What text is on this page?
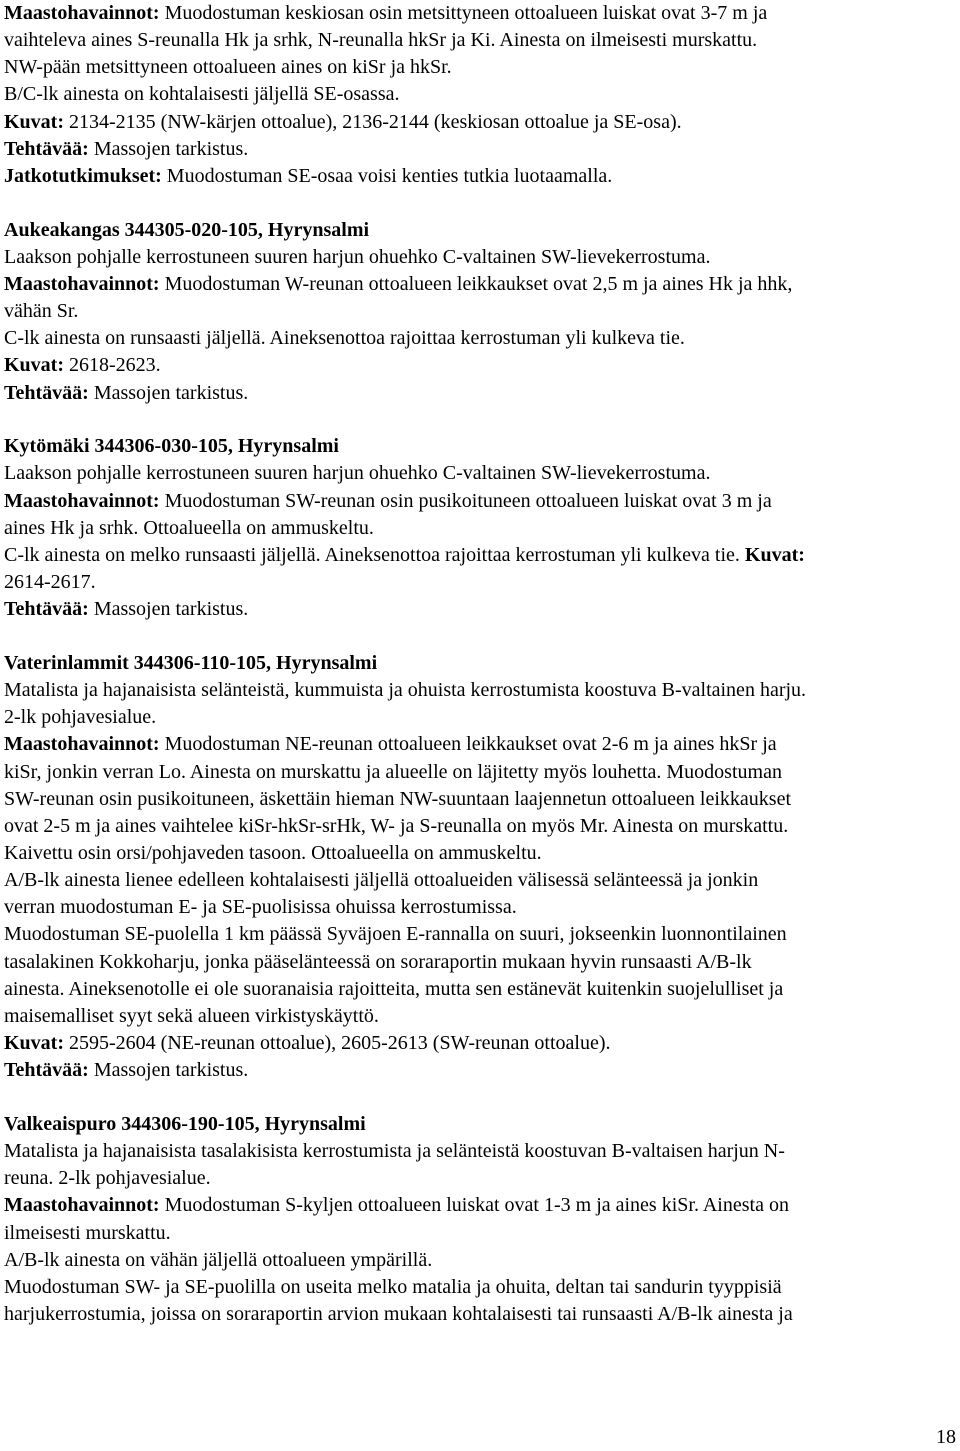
Maastohavainnot: Muodostuman keskiosan osin metsittyneen ottoalueen luiskat ovat 3-7 m ja
vaihteleva aines S-reunalla Hk ja srhk, N-reunalla hkSr ja Ki. Ainesta on ilmeisesti murskattu.
NW-pään metsittyneen ottoalueen aines on kiSr ja hkSr.
B/C-lk ainesta on kohtalaisesti jäljellä SE-osassa.
Kuvat: 2134-2135 (NW-kärjen ottoalue), 2136-2144 (keskiosan ottoalue ja SE-osa).
Tehtävää: Massojen tarkistus.
Jatkotutkimukset: Muodostuman SE-osaa voisi kenties tutkia luotaamalla.
Aukeakangas 344305-020-105, Hyrynsalmi
Laakson pohjalle kerrostuneen suuren harjun ohuehko C-valtainen SW-lievekerrostuma.
Maastohavainnot: Muodostuman W-reunan ottoalueen leikkaukset ovat 2,5 m ja aines Hk ja hhk,
vähän Sr.
C-lk ainesta on runsaasti jäljellä. Aineksenottoa rajoittaa kerrostuman yli kulkeva tie.
Kuvat: 2618-2623.
Tehtävää: Massojen tarkistus.
Kytömäki 344306-030-105, Hyrynsalmi
Laakson pohjalle kerrostuneen suuren harjun ohuehko C-valtainen SW-lievekerrostuma.
Maastohavainnot: Muodostuman SW-reunan osin pusikoituneen ottoalueen luiskat ovat 3 m ja
aines Hk ja srhk. Ottoalueella on ammuskeltu.
C-lk ainesta on melko runsaasti jäljellä. Aineksenottoa rajoittaa kerrostuman yli kulkeva tie. Kuvat:
2614-2617.
Tehtävää: Massojen tarkistus.
Vaterinlammit 344306-110-105, Hyrynsalmi
Matalista ja hajanaisista selänteistä, kummuista ja ohuista kerrostumista koostuva B-valtainen harju.
2-lk pohjavesialue.
Maastohavainnot: Muodostuman NE-reunan ottoalueen leikkaukset ovat 2-6 m ja aines hkSr ja
kiSr, jonkin verran Lo. Ainesta on murskattu ja alueelle on läjitetty myös louhetta. Muodostuman
SW-reunan osin pusikoituneen, äskettäin hieman NW-suuntaan laajennetun ottoalueen leikkaukset
ovat 2-5 m ja aines vaihtelee kiSr-hkSr-srHk, W- ja S-reunalla on myös Mr. Ainesta on murskattu.
Kaivettu osin orsi/pohjaveden tasoon. Ottoalueella on ammuskeltu.
A/B-lk ainesta lienee edelleen kohtalaisesti jäljellä ottoalueiden välisessä selänteessä ja jonkin
verran muodostuman E- ja SE-puolisissa ohuissa kerrostumissa.
Muodostuman SE-puolella 1 km päässä Syväjoen E-rannalla on suuri, jokseenkin luonnontilainen
tasalakinen Kokkoharju, jonka pääselänteessä on soraraportin mukaan hyvin runsaasti A/B-lk
ainesta. Aineksenotolle ei ole suoranaisia rajoitteita, mutta sen estänevät kuitenkin suojelulliset ja
maisemalliset syyt sekä alueen virkistyskäyttö.
Kuvat: 2595-2604 (NE-reunan ottoalue), 2605-2613 (SW-reunan ottoalue).
Tehtävää: Massojen tarkistus.
Valkeaispuro 344306-190-105, Hyrynsalmi
Matalista ja hajanaisista tasalakisista kerrostumista ja selänteistä koostuvan B-valtaisen harjun N-
reuna. 2-lk pohjavesialue.
Maastohavainnot: Muodostuman S-kyljen ottoalueen luiskat ovat 1-3 m ja aines kiSr. Ainesta on
ilmeisesti murskattu.
A/B-lk ainesta on vähän jäljellä ottoalueen ympärillä.
Muodostuman SW- ja SE-puolilla on useita melko matalia ja ohuita, deltan tai sandurin tyyppisiä
harjukerrostumia, joissa on soraraportin arvion mukaan kohtalaisesti tai runsaasti A/B-lk ainesta ja
18
